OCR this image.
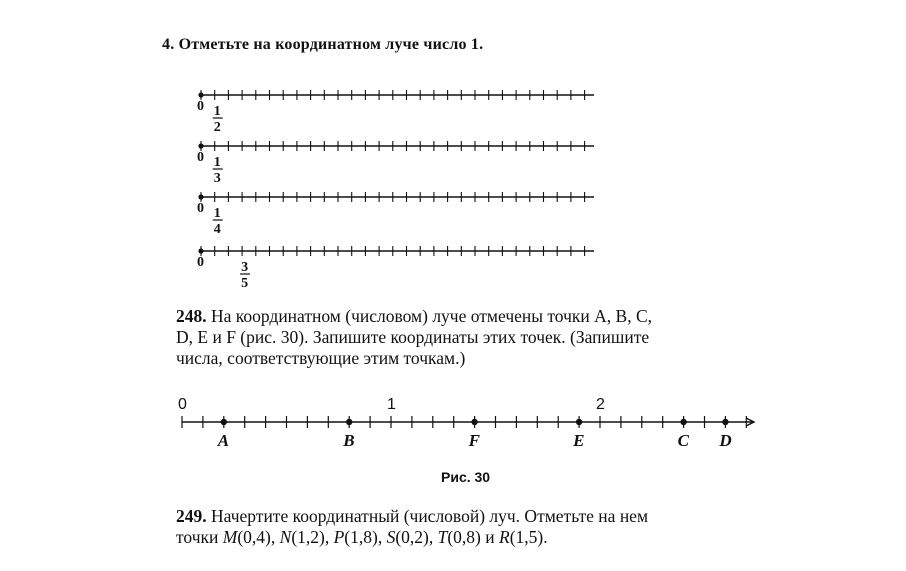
4. Отметьте на координатном луче число 1.
0 1
2
0 1
3
0 1
4
0	3
5

248. На координатном (числовом) луче отмечены точки A, B, C,
D, E и F (рис. 30). Запишите координаты этих точек. (Запишите
числа, соответствующие этим точкам.)

0	1	2
A	B	F	E	C D

Рис. 30

249. Начертите координатный (числовой) луч. Отметьте на нем
точки M(0,4), N(1,2), P(1,8), S(0,2), T(0,8) и R(1,5).
